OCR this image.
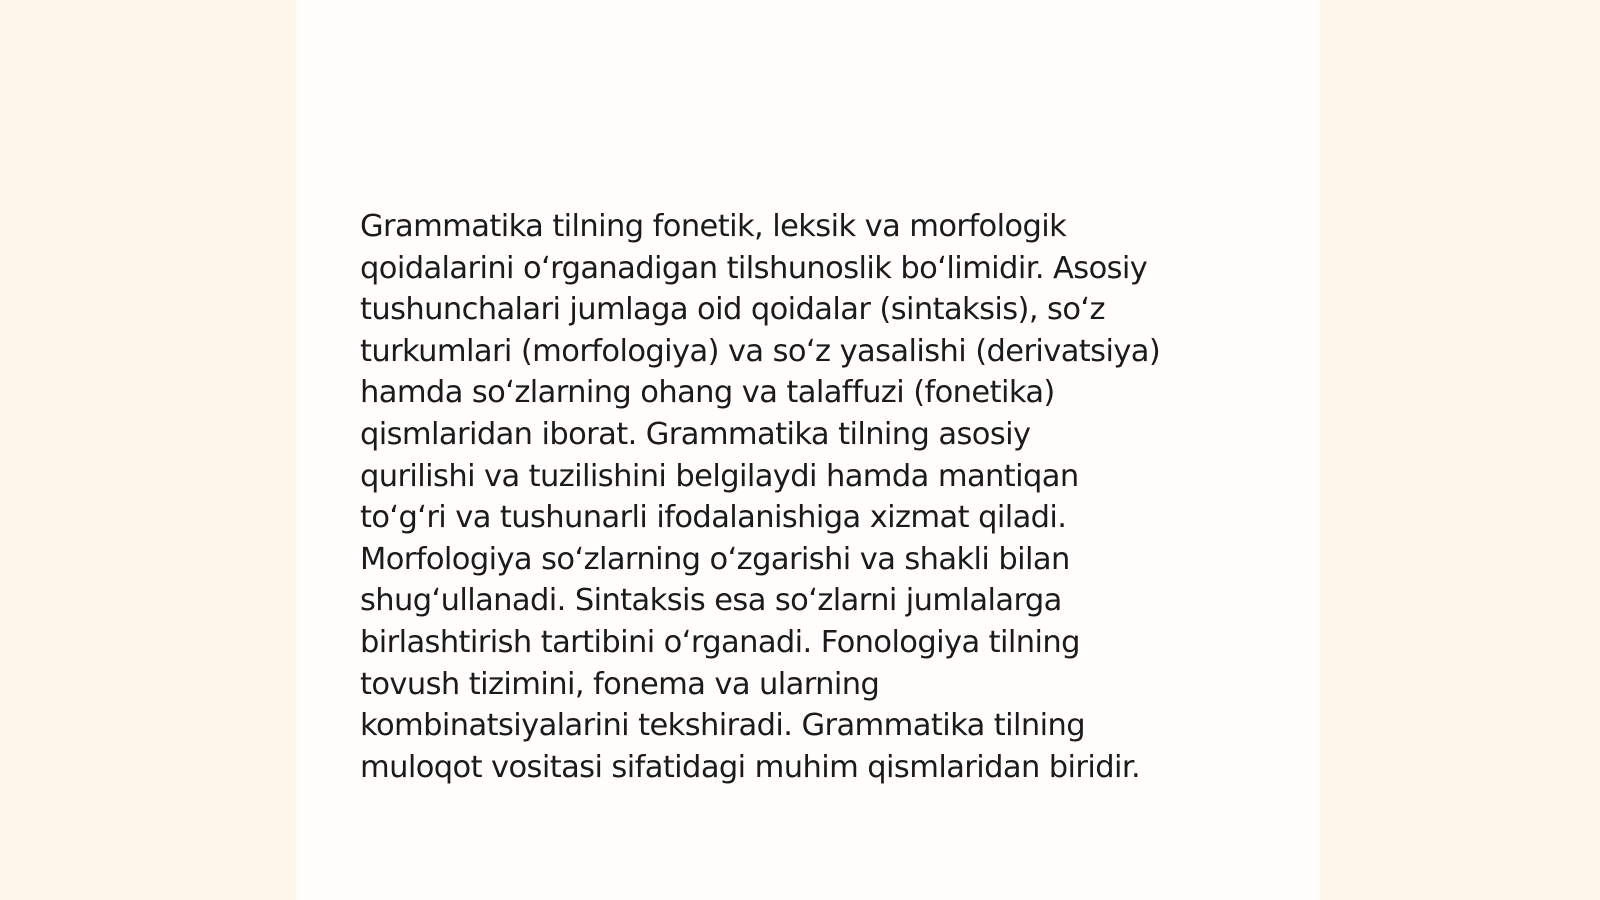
Grammatika tilning fonetik, leksik va morfologik
qoidalarini oʻrganadigan tilshunoslik boʻlimidir. Asosiy
tushunchalari jumlaga oid qoidalar (sintaksis), soʻz
turkumlari (morfologiya) va soʻz yasalishi (derivatsiya)
hamda soʻzlarning ohang va talaffuzi (fonetika)
qismlaridan iborat. Grammatika tilning asosiy
qurilishi va tuzilishini belgilaydi hamda mantiqan
toʻgʻri va tushunarli ifodalanishiga xizmat qiladi.
Morfologiya soʻzlarning oʻzgarishi va shakli bilan
shugʻullanadi. Sintaksis esa soʻzlarni jumlalarga
birlashtirish tartibini oʻrganadi. Fonologiya tilning
tovush tizimini, fonema va ularning
kombinatsiyalarini tekshiradi. Grammatika tilning
muloqot vositasi sifatidagi muhim qismlaridan biridir.
